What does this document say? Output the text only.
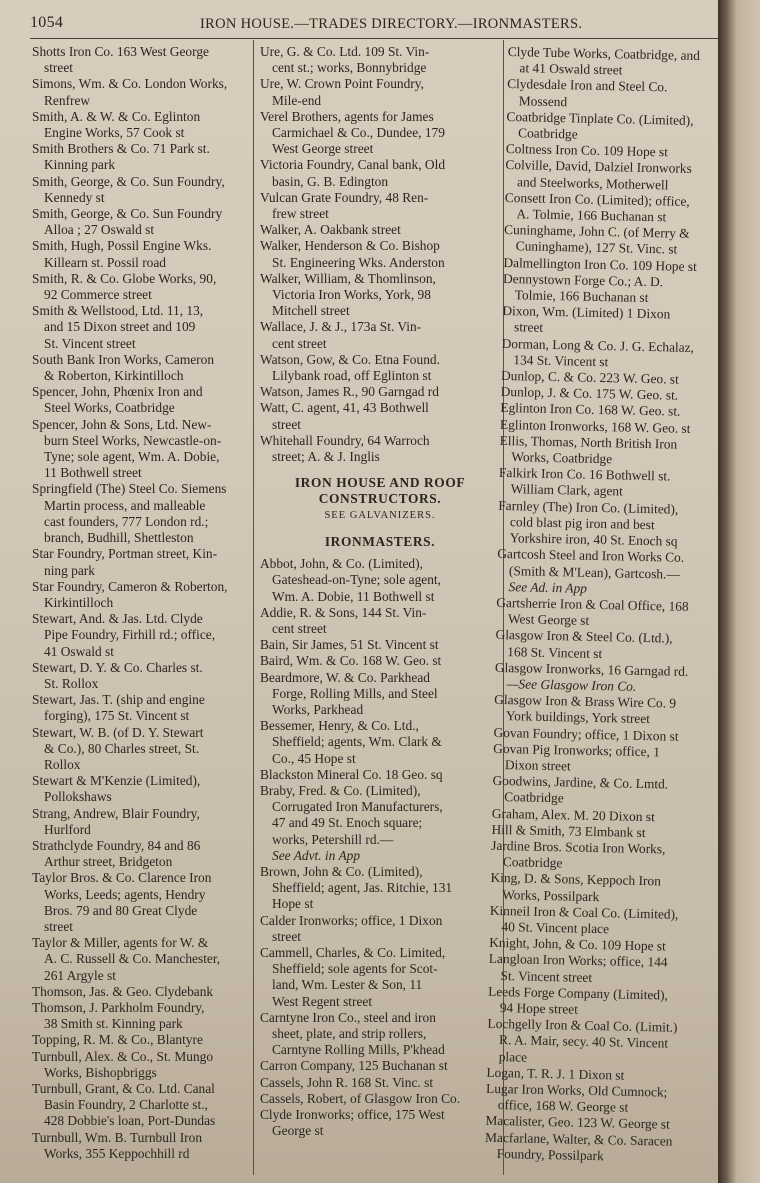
1054	IRON HOUSE.—TRADES DIRECTORY.—IRONMASTERS.
Shotts Iron Co. 163 West George
street
Simons, Wm. & Co. London Works,
Renfrew
Smith, A. & W. & Co. Eglinton
Engine Works, 57 Cook st
Smith Brothers & Co. 71 Park st.
Kinning park
Smith, George, & Co. Sun Foundry,
Kennedy st
Smith, George, & Co. Sun Foundry
Alloa ; 27 Oswald st
Smith, Hugh, Possil Engine Wks.
Killearn st. Possil road
Smith, R. & Co. Globe Works, 90,
92 Commerce street
Smith & Wellstood, Ltd. 11, 13,
and 15 Dixon street and 109
St. Vincent street
South Bank Iron Works, Cameron
& Roberton, Kirkintilloch
Spencer, John, Phœnix Iron and
Steel Works, Coatbridge
Spencer, John & Sons, Ltd. New-
burn Steel Works, Newcastle-on-
Tyne; sole agent, Wm. A. Dobie,
11 Bothwell street
Springfield (The) Steel Co. Siemens
Martin process, and malleable
cast founders, 777 London rd.;
branch, Budhill, Shettleston
Star Foundry, Portman street, Kin-
ning park
Star Foundry, Cameron & Roberton,
Kirkintilloch
Stewart, And. & Jas. Ltd. Clyde
Pipe Foundry, Firhill rd.; office,
41 Oswald st
Stewart, D. Y. & Co. Charles st.
St. Rollox
Stewart, Jas. T. (ship and engine
forging), 175 St. Vincent st
Stewart, W. B. (of D. Y. Stewart
& Co.), 80 Charles street, St.
Rollox
Stewart & M'Kenzie (Limited),
Pollokshaws
Strang, Andrew, Blair Foundry,
Hurlford
Strathclyde Foundry, 84 and 86
Arthur street, Bridgeton
Taylor Bros. & Co. Clarence Iron
Works, Leeds; agents, Hendry
Bros. 79 and 80 Great Clyde
street
Taylor & Miller, agents for W. &
A. C. Russell & Co. Manchester,
261 Argyle st
Thomson, Jas. & Geo. Clydebank
Thomson, J. Parkholm Foundry,
38 Smith st. Kinning park
Topping, R. M. & Co., Blantyre
Turnbull, Alex. & Co., St. Mungo
Works, Bishopbriggs
Turnbull, Grant, & Co. Ltd. Canal
Basin Foundry, 2 Charlotte st.,
428 Dobbie's loan, Port-Dundas
Turnbull, Wm. B. Turnbull Iron
Works, 355 Keppochhill rd
Ure, G. & Co. Ltd. 109 St. Vin-
cent st.; works, Bonnybridge
Ure, W. Crown Point Foundry,
Mile-end
Verel Brothers, agents for James
Carmichael & Co., Dundee, 179
West George street
Victoria Foundry, Canal bank, Old
basin, G. B. Edington
Vulcan Grate Foundry, 48 Ren-
frew street
Walker, A. Oakbank street
Walker, Henderson & Co. Bishop
St. Engineering Wks. Anderston
Walker, William, & Thomlinson,
Victoria Iron Works, York, 98
Mitchell street
Wallace, J. & J., 173a St. Vin-
cent street
Watson, Gow, & Co. Etna Found.
Lilybank road, off Eglinton st
Watson, James R., 90 Garngad rd
Watt, C. agent, 41, 43 Bothwell
street
Whitehall Foundry, 64 Warroch
street; A. & J. Inglis
IRON HOUSE AND ROOF
CONSTRUCTORS.
SEE GALVANIZERS.
IRONMASTERS.
Abbot, John, & Co. (Limited),
Gateshead-on-Tyne; sole agent,
Wm. A. Dobie, 11 Bothwell st
Addie, R. & Sons, 144 St. Vin-
cent street
Bain, Sir James, 51 St. Vincent st
Baird, Wm. & Co. 168 W. Geo. st
Beardmore, W. & Co. Parkhead
Forge, Rolling Mills, and Steel
Works, Parkhead
Bessemer, Henry, & Co. Ltd.,
Sheffield; agents, Wm. Clark &
Co., 45 Hope st
Blackston Mineral Co. 18 Geo. sq
Braby, Fred. & Co. (Limited),
Corrugated Iron Manufacturers,
47 and 49 St. Enoch square;
works, Petershill rd.—
See Advt. in App
Brown, John & Co. (Limited),
Sheffield; agent, Jas. Ritchie, 131
Hope st
Calder Ironworks; office, 1 Dixon
street
Cammell, Charles, & Co. Limited,
Sheffield; sole agents for Scot-
land, Wm. Lester & Son, 11
West Regent street
Carntyne Iron Co., steel and iron
sheet, plate, and strip rollers,
Carntyne Rolling Mills, P'khead
Carron Company, 125 Buchanan st
Cassels, John R. 168 St. Vinc. st
Cassels, Robert, of Glasgow Iron Co.
Clyde Ironworks; office, 175 West
George st
Clyde Tube Works, Coatbridge, and
at 41 Oswald street
Clydesdale Iron and Steel Co.
Mossend
Coatbridge Tinplate Co. (Limited),
Coatbridge
Coltness Iron Co. 109 Hope st
Colville, David, Dalziel Ironworks
and Steelworks, Motherwell
Consett Iron Co. (Limited); office,
A. Tolmie, 166 Buchanan st
Cuninghame, John C. (of Merry &
Cuninghame), 127 St. Vinc. st
Dalmellington Iron Co. 109 Hope st
Dennystown Forge Co.; A. D.
Tolmie, 166 Buchanan st
Dixon, Wm. (Limited) 1 Dixon
street
Dorman, Long & Co. J. G. Echalaz,
134 St. Vincent st
Dunlop, C. & Co. 223 W. Geo. st
Dunlop, J. & Co. 175 W. Geo. st.
Eglinton Iron Co. 168 W. Geo. st.
Eglinton Ironworks, 168 W. Geo. st
Ellis, Thomas, North British Iron
Works, Coatbridge
Falkirk Iron Co. 16 Bothwell st.
William Clark, agent
Farnley (The) Iron Co. (Limited),
cold blast pig iron and best
Yorkshire iron, 40 St. Enoch sq
Gartcosh Steel and Iron Works Co.
(Smith & M'Lean), Gartcosh.—
See Ad. in App
Gartsherrie Iron & Coal Office, 168
West George st
Glasgow Iron & Steel Co. (Ltd.),
168 St. Vincent st
Glasgow Ironworks, 16 Garngad rd.
—See Glasgow Iron Co.
Glasgow Iron & Brass Wire Co. 9
York buildings, York street
Govan Foundry; office, 1 Dixon st
Govan Pig Ironworks; office, 1
Dixon street
Goodwins, Jardine, & Co. Lmtd.
Coatbridge
Graham, Alex. M. 20 Dixon st
Hill & Smith, 73 Elmbank st
Jardine Bros. Scotia Iron Works,
Coatbridge
King, D. & Sons, Keppoch Iron
Works, Possilpark
Kinneil Iron & Coal Co. (Limited),
40 St. Vincent place
Knight, John, & Co. 109 Hope st
Langloan Iron Works; office, 144
St. Vincent street
Leeds Forge Company (Limited),
94 Hope street
Lochgelly Iron & Coal Co. (Limit.)
R. A. Mair, secy. 40 St. Vincent
place
Logan, T. R. J. 1 Dixon st
Lugar Iron Works, Old Cumnock;
office, 168 W. George st
Macalister, Geo. 123 W. George st
Macfarlane, Walter, & Co. Saracen
Foundry, Possilpark
